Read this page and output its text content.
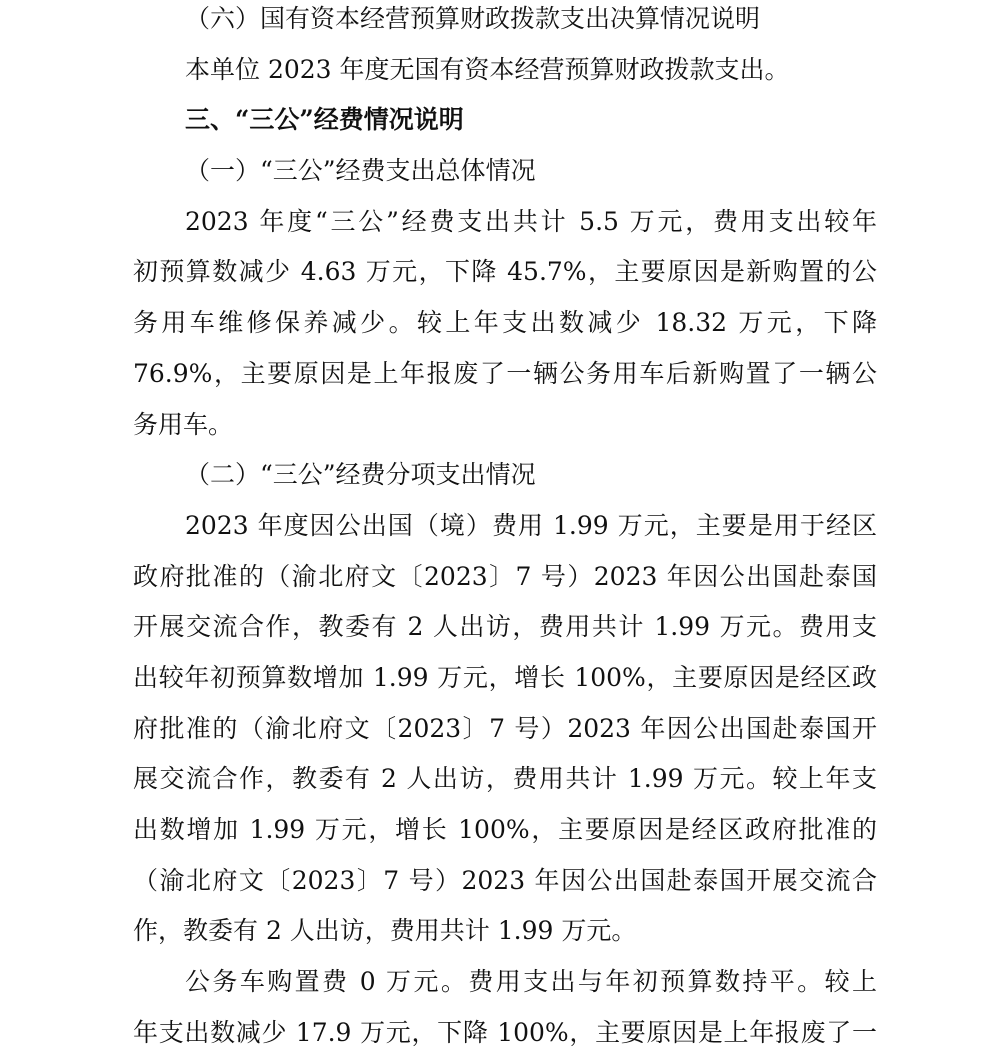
（六）国有资本经营预算财政拨款支出决算情况说明
本单位 2023 年度无国有资本经营预算财政拨款支出。
三、“三公”经费情况说明
（一）“三公”经费支出总体情况
2023 年度“三公”经费支出共计 5.5 万元，费用支出较年
初预算数减少 4.63 万元，下降 45.7%，主要原因是新购置的公
务用车维修保养减少。较上年支出数减少 18.32 万元，下降
76.9%，主要原因是上年报废了一辆公务用车后新购置了一辆公
务用车。
（二）“三公”经费分项支出情况
2023 年度因公出国（境）费用 1.99 万元，主要是用于经区
政府批准的（渝北府文〔2023〕7 号）2023 年因公出国赴泰国
开展交流合作，教委有 2 人出访，费用共计 1.99 万元。费用支
出较年初预算数增加 1.99 万元，增长 100%，主要原因是经区政
府批准的（渝北府文〔2023〕7 号）2023 年因公出国赴泰国开
展交流合作，教委有 2 人出访，费用共计 1.99 万元。较上年支
出数增加 1.99 万元，增长 100%，主要原因是经区政府批准的
（渝北府文〔2023〕7 号）2023 年因公出国赴泰国开展交流合
作，教委有 2 人出访，费用共计 1.99 万元。
公务车购置费 0 万元。费用支出与年初预算数持平。较上
年支出数减少 17.9 万元，下降 100%，主要原因是上年报废了一
